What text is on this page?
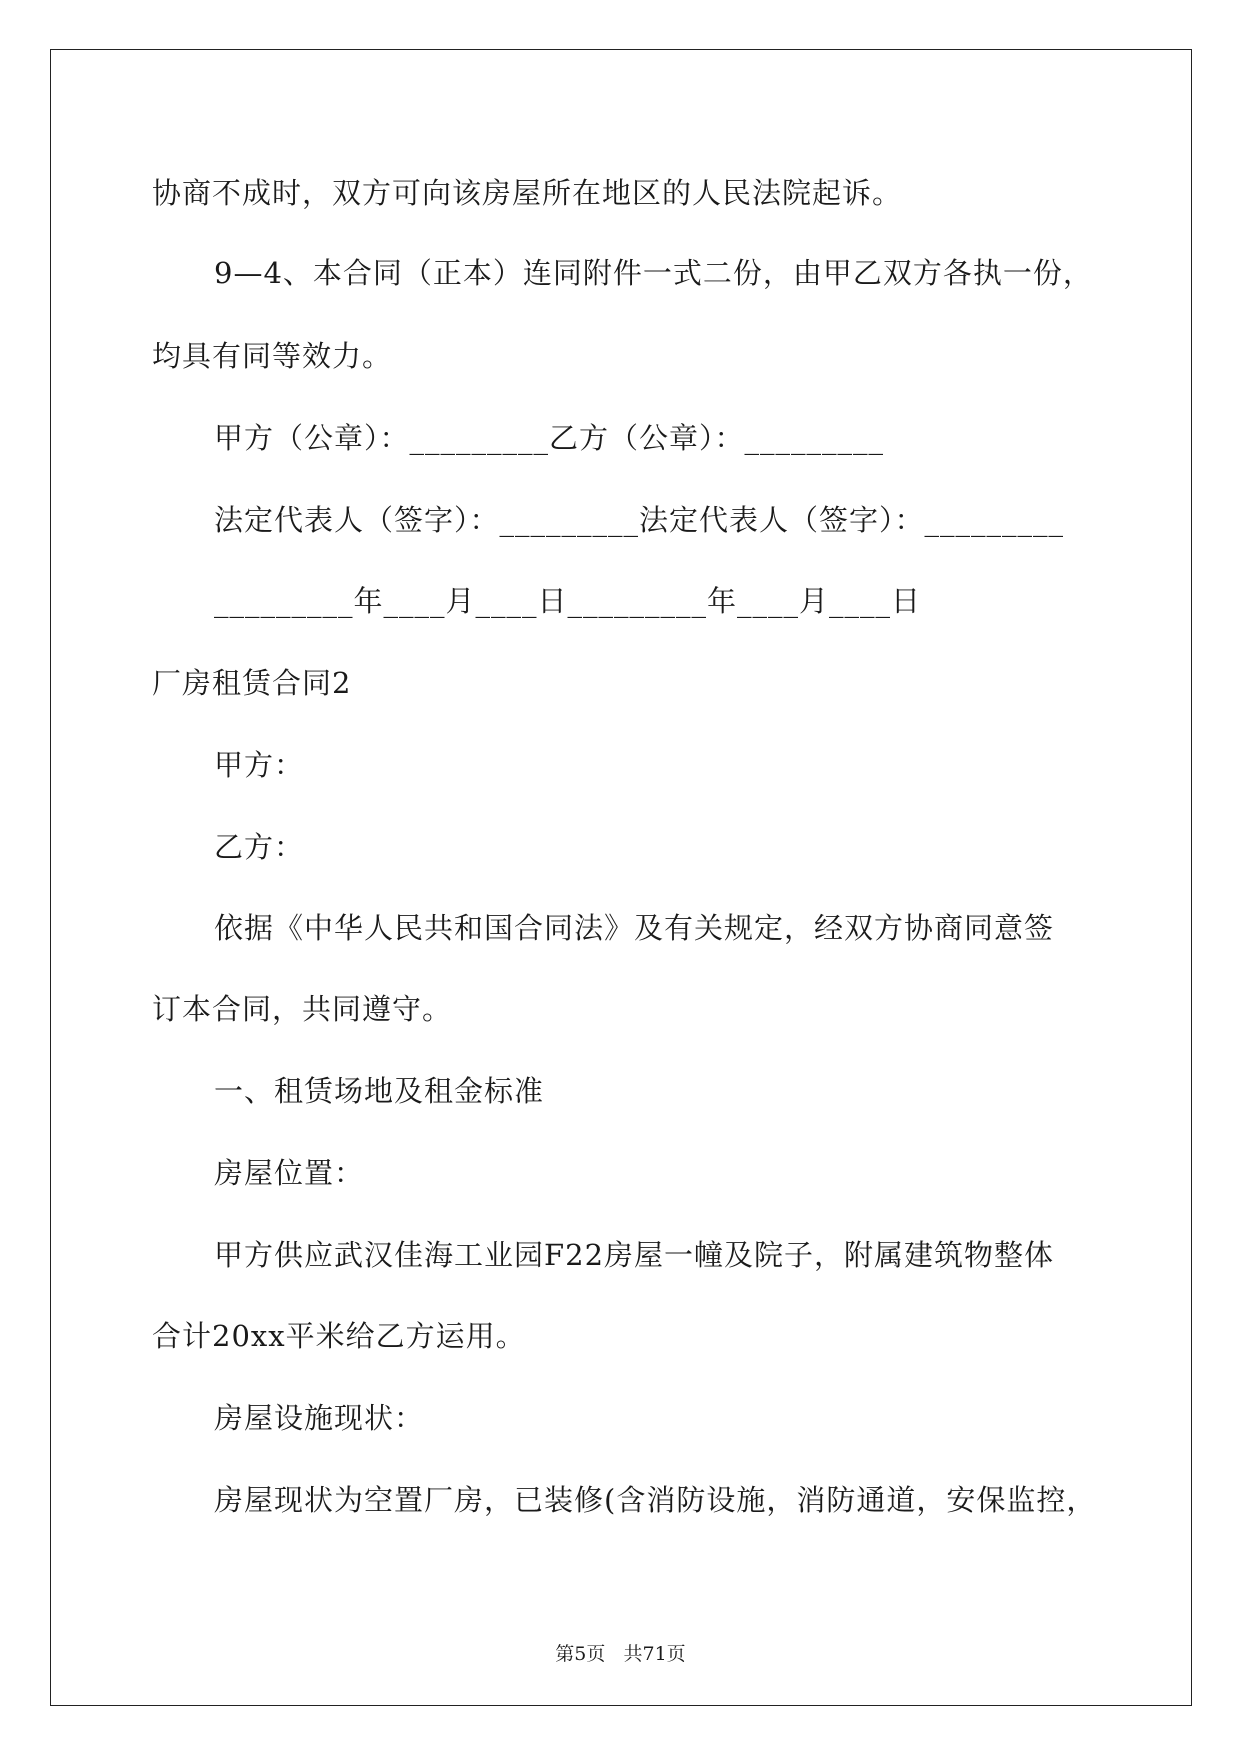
协商不成时，双方可向该房屋所在地区的人民法院起诉。
9—4、本合同（正本）连同附件一式二份，由甲乙双方各执一份，
均具有同等效力。
甲方（公章）：_________乙方（公章）：_________
法定代表人（签字）：_________法定代表人（签字）：_________
_________年____月____日_________年____月____日
厂房租赁合同2
甲方：
乙方：
依据《中华人民共和国合同法》及有关规定，经双方协商同意签
订本合同，共同遵守。
一、租赁场地及租金标准
房屋位置：
甲方供应武汉佳海工业园F22房屋一幢及院子，附属建筑物整体
合计20xx平米给乙方运用。
房屋设施现状：
房屋现状为空置厂房，已装修(含消防设施，消防通道，安保监控，
第5页   共71页
